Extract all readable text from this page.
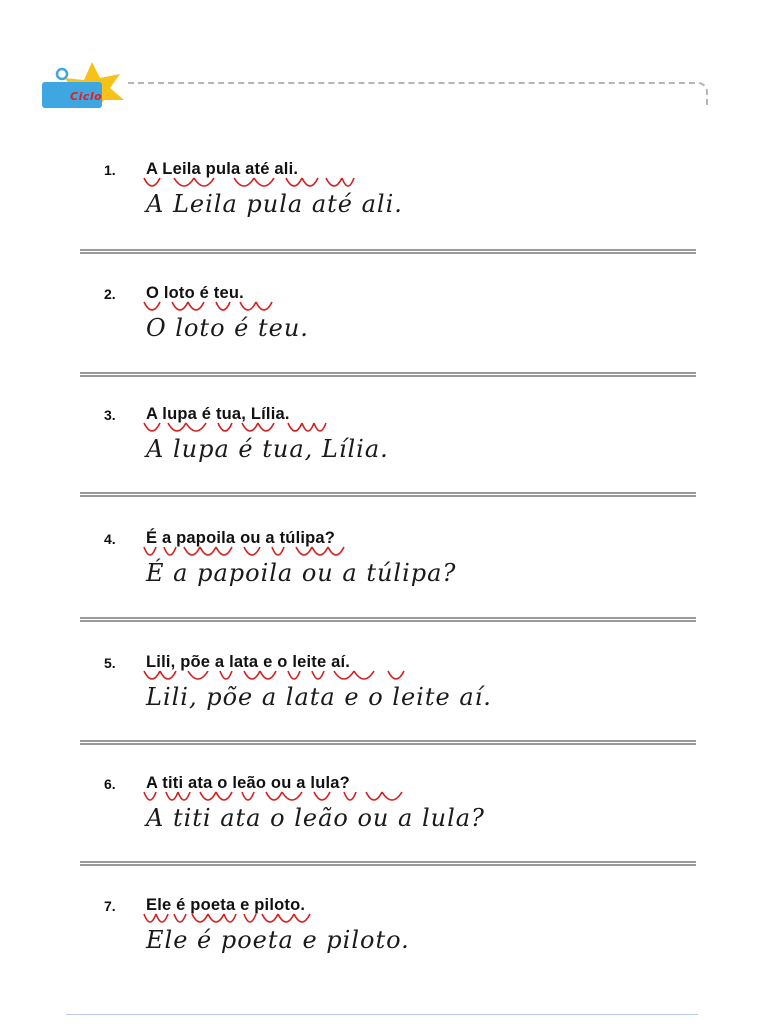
Ciclo
1. A Leila pula até ali.
A Leila pula até ali.
2. O loto é teu.
O loto é teu.
3. A lupa é tua, Lília.
A lupa é tua, Lília.
4. É a papoila ou a túlipa?
É a papoila ou a túlipa?
5. Lili, põe a lata e o leite aí.
Lili, põe a lata e o leite aí.
6. A titi ata o leão ou a lula?
A titi ata o leão ou a lula?
7. Ele é poeta e piloto.
Ele é poeta e piloto.
